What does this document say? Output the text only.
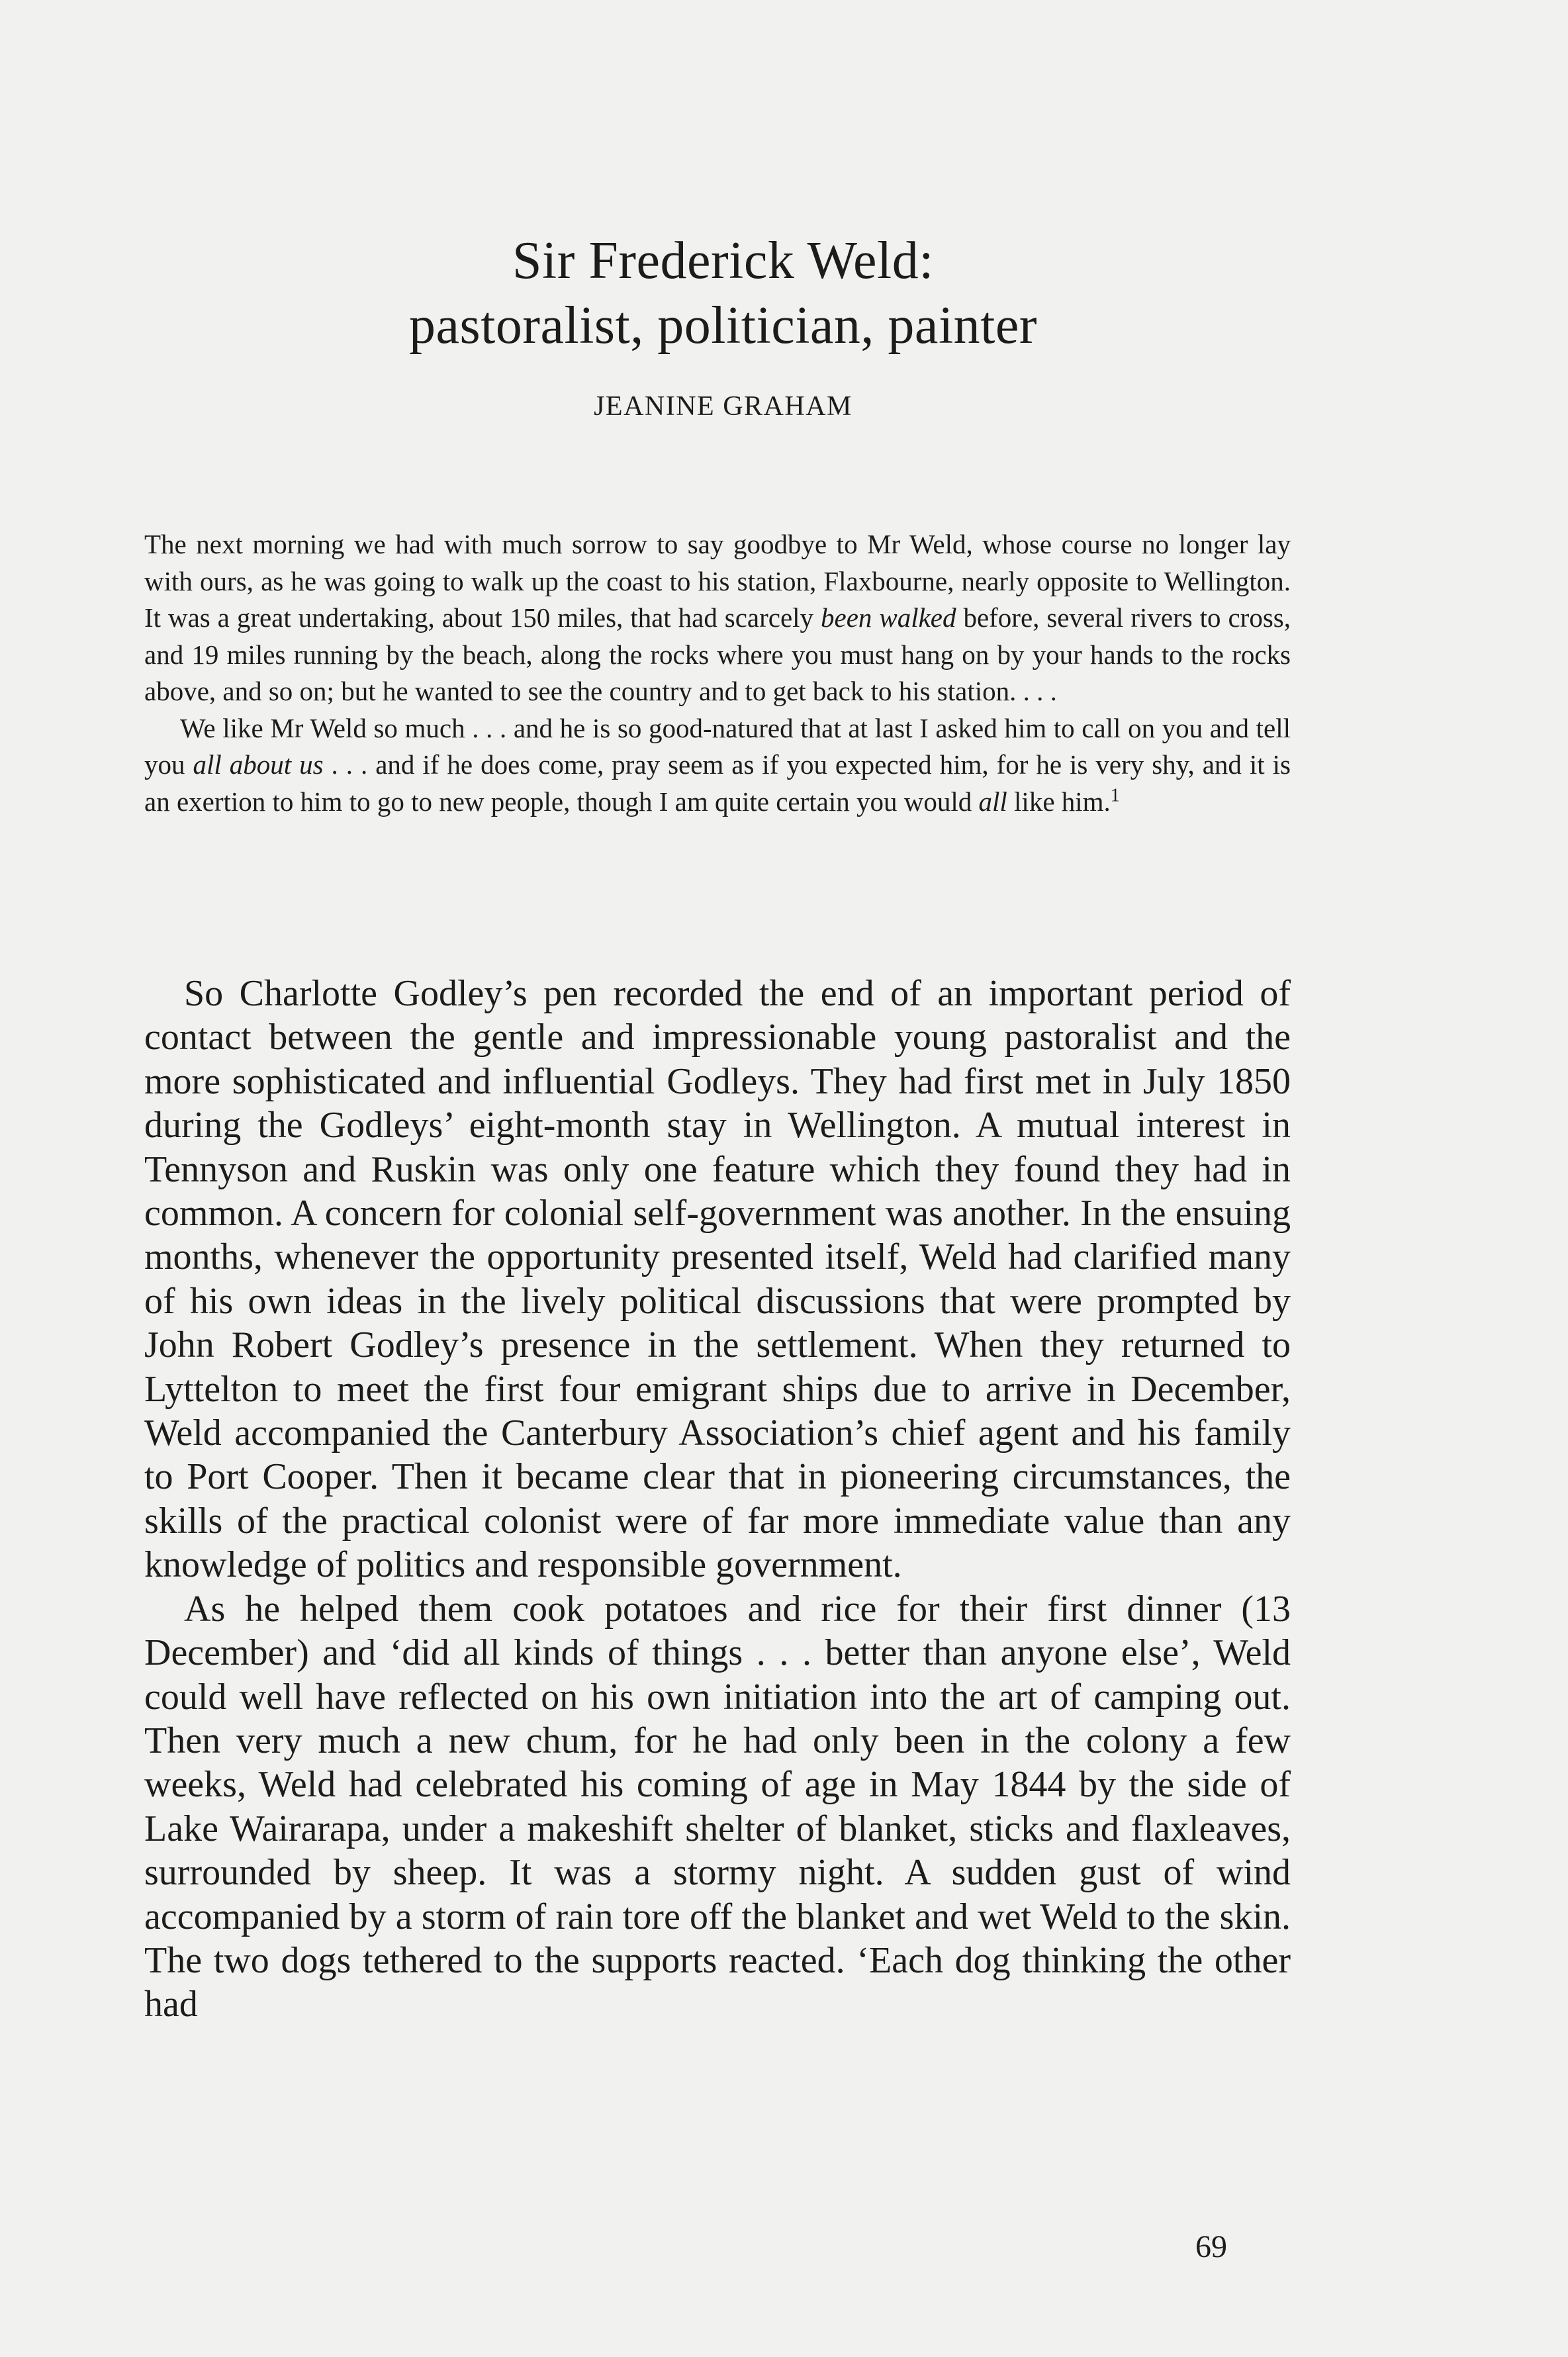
Sir Frederick Weld:
pastoralist, politician, painter
JEANINE GRAHAM

The next morning we had with much sorrow to say goodbye to Mr Weld, whose course no longer lay with ours, as he was going to walk up the coast to his station, Flaxbourne, nearly opposite to Wellington. It was a great undertaking, about 150 miles, that had scarcely been walked before, several rivers to cross, and 19 miles running by the beach, along the rocks where you must hang on by your hands to the rocks above, and so on; but he wanted to see the country and to get back to his station. . . .

We like Mr Weld so much . . . and he is so good-natured that at last I asked him to call on you and tell you all about us . . . and if he does come, pray seem as if you expected him, for he is very shy, and it is an exertion to him to go to new people, though I am quite certain you would all like him.$^1$

So Charlotte Godley’s pen recorded the end of an important period of contact between the gentle and impressionable young pastoralist and the more sophisticated and influential Godleys. They had first met in July 1850 during the Godleys’ eight-month stay in Wellington. A mutual interest in Tennyson and Ruskin was only one feature which they found they had in common. A concern for colonial self-government was another. In the ensuing months, whenever the opportunity presented itself, Weld had clarified many of his own ideas in the lively political discussions that were prompted by John Robert Godley’s presence in the settlement. When they returned to Lyttelton to meet the first four emigrant ships due to arrive in December, Weld accompanied the Canterbury Association’s chief agent and his family to Port Cooper. Then it became clear that in pioneering circumstances, the skills of the practical colonist were of far more immediate value than any knowledge of politics and responsible government.

As he helped them cook potatoes and rice for their first dinner (13 December) and ‘did all kinds of things . . . better than anyone else’, Weld could well have reflected on his own initiation into the art of camping out. Then very much a new chum, for he had only been in the colony a few weeks, Weld had celebrated his coming of age in May 1844 by the side of Lake Wairarapa, under a makeshift shelter of blanket, sticks and flaxleaves, surrounded by sheep. It was a stormy night. A sudden gust of wind accompanied by a storm of rain tore off the blanket and wet Weld to the skin. The two dogs tethered to the supports reacted. ‘Each dog thinking the other had

69
